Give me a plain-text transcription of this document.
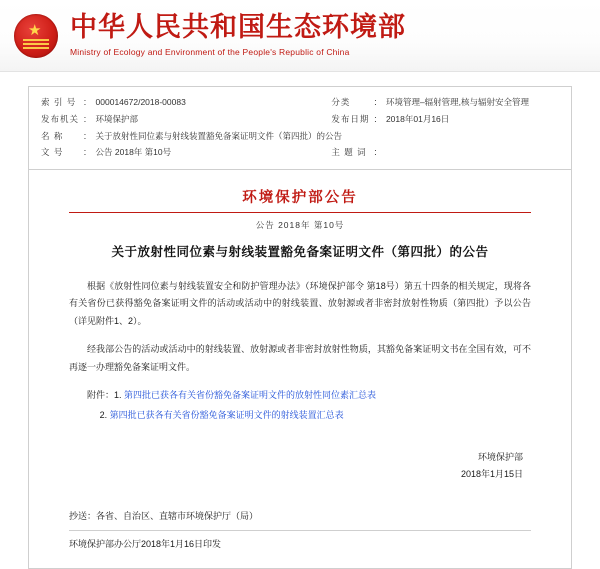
★
中华人民共和国生态环境部
Ministry of Ecology and Environment of the People's Republic of China
索 引 号	：	000014672/2018-00083	分类	：	环境管理–辐射管理,核与辐射安全管理
发布机关	：	环境保护部	发布日期	：	2018年01月16日
名 称	：	关于放射性同位素与射线装置豁免备案证明文件（第四批）的公告			
文 号	：	公告 2018年 第10号	主 题 词	：	
环境保护部公告
公告 2018年 第10号
关于放射性同位素与射线装置豁免备案证明文件（第四批）的公告

根据《放射性同位素与射线装置安全和防护管理办法》（环境保护部令 第18号）第五十四条的相关规定，现将各有关省份已获得豁免备案证明文件的活动或活动中的射线装置、放射源或者非密封放射性物质（第四批）予以公告（详见附件1、2）。

经我部公告的活动或活动中的射线装置、放射源或者非密封放射性物质，其豁免备案证明文书在全国有效，可不再逐一办理豁免备案证明文件。

附件：1. 第四批已获各有关省份豁免备案证明文件的放射性同位素汇总表
2. 第四批已获各有关省份豁免备案证明文件的射线装置汇总表
环境保护部
2018年1月15日
抄送：各省、自治区、直辖市环境保护厅（局）
环境保护部办公厅2018年1月16日印发
